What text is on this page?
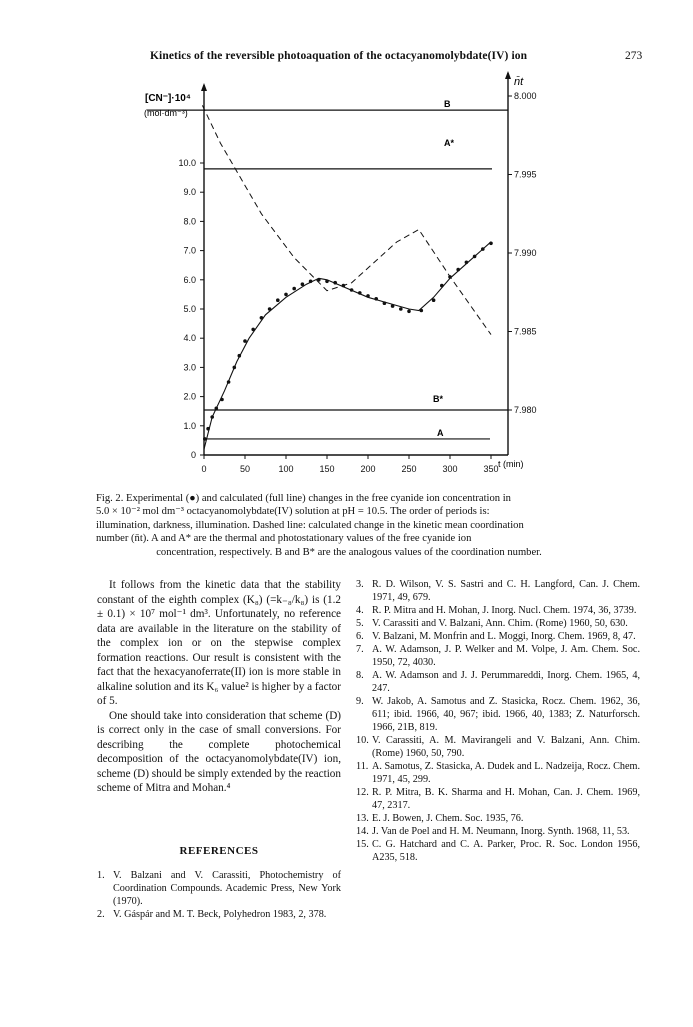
Kinetics of the reversible photoaquation of the octacyanomolybdate(IV) ion	273
0	50	100	150	200	250	300	350
0
1.0
2.0
3.0
4.0
5.0
6.0
7.0
8.0
9.0
10.0
7.980
7.985
7.990
7.995
8.000
[CN⁻]·10⁴
(mol·dm⁻³)
n̄t
t (min)
B
A*
B*
A
Fig. 2. Experimental (●) and calculated (full line) changes in the free cyanide ion concentration in
5.0 × 10⁻² mol dm⁻³ octacyanomolybdate(IV) solution at pH = 10.5. The order of periods is:
illumination, darkness, illumination. Dashed line: calculated change in the kinetic mean coordination
number (n̄t). A and A* are the thermal and photostationary values of the free cyanide ion
concentration, respectively. B and B* are the analogous values of the coordination number.

It follows from the kinetic data that the stability constant of the eighth complex (K₈) (=k₋₈/k₈) is (1.2 ± 0.1) × 10⁷ mol⁻¹ dm³. Unfortunately, no reference data are available in the literature on the stability of the complex ion or on the stepwise complex formation reactions. Our result is consistent with the fact that the hexacyanoferrate(II) ion is more stable in alkaline solution and its K₆ value² is higher by a factor of 5.

One should take into consideration that scheme (D) is correct only in the case of small conversions. For describing the complete photochemical decomposition of the octacyanomolybdate(IV) ion, scheme (D) should be simply extended by the reaction scheme of Mitra and Mohan.⁴

REFERENCES
1. V. Balzani and V. Carassiti, Photochemistry of Coordination Compounds. Academic Press, New York (1970).
2. V. Gáspár and M. T. Beck, Polyhedron 1983, 2, 378.
3. R. D. Wilson, V. S. Sastri and C. H. Langford, Can. J. Chem. 1971, 49, 679.
4. R. P. Mitra and H. Mohan, J. Inorg. Nucl. Chem. 1974, 36, 3739.
5. V. Carassiti and V. Balzani, Ann. Chim. (Rome) 1960, 50, 630.
6. V. Balzani, M. Monfrin and L. Moggi, Inorg. Chem. 1969, 8, 47.
7. A. W. Adamson, J. P. Welker and M. Volpe, J. Am. Chem. Soc. 1950, 72, 4030.
8. A. W. Adamson and J. J. Perummareddi, Inorg. Chem. 1965, 4, 247.
9. W. Jakob, A. Samotus and Z. Stasicka, Rocz. Chem. 1962, 36, 611; ibid. 1966, 40, 967; ibid. 1966, 40, 1383; Z. Naturforsch. 1966, 21B, 819.
10. V. Carassiti, A. M. Mavirangeli and V. Balzani, Ann. Chim. (Rome) 1960, 50, 790.
11. A. Samotus, Z. Stasicka, A. Dudek and L. Nadzeija, Rocz. Chem. 1971, 45, 299.
12. R. P. Mitra, B. K. Sharma and H. Mohan, Can. J. Chem. 1969, 47, 2317.
13. E. J. Bowen, J. Chem. Soc. 1935, 76.
14. J. Van de Poel and H. M. Neumann, Inorg. Synth. 1968, 11, 53.
15. C. G. Hatchard and C. A. Parker, Proc. R. Soc. London 1956, A235, 518.
